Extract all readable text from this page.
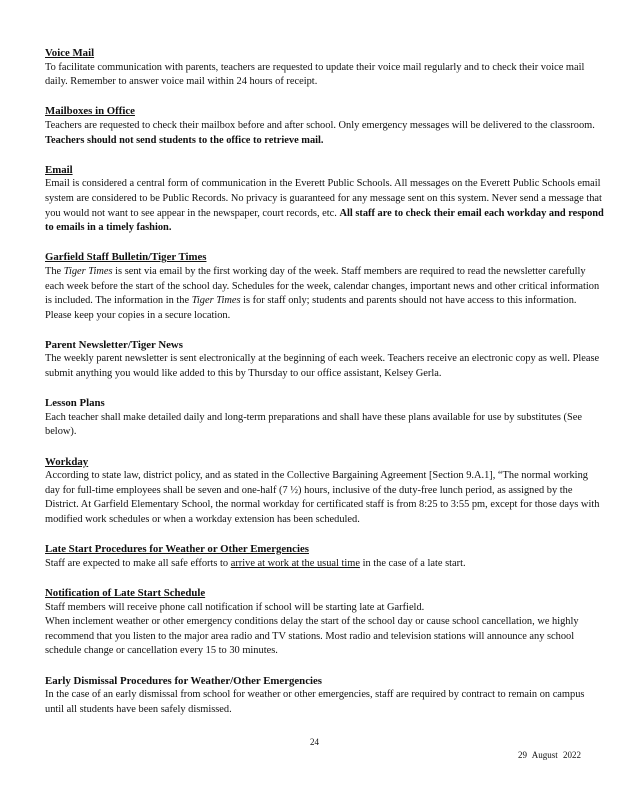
Voice Mail
To facilitate communication with parents, teachers are requested to update their voice mail regularly and to check their voice mail daily. Remember to answer voice mail within 24 hours of receipt.
Mailboxes in Office
Teachers are requested to check their mailbox before and after school. Only emergency messages will be delivered to the classroom. Teachers should not send students to the office to retrieve mail.
Email
Email is considered a central form of communication in the Everett Public Schools. All messages on the Everett Public Schools email system are considered to be Public Records. No privacy is guaranteed for any message sent on this system. Never send a message that you would not want to see appear in the newspaper, court records, etc. All staff are to check their email each workday and respond to emails in a timely fashion.
Garfield Staff Bulletin/Tiger Times
The Tiger Times is sent via email by the first working day of the week. Staff members are required to read the newsletter carefully each week before the start of the school day. Schedules for the week, calendar changes, important news and other critical information is included. The information in the Tiger Times is for staff only; students and parents should not have access to this information. Please keep your copies in a secure location.
Parent Newsletter/Tiger News
The weekly parent newsletter is sent electronically at the beginning of each week. Teachers receive an electronic copy as well. Please submit anything you would like added to this by Thursday to our office assistant, Kelsey Gerla.
Lesson Plans
Each teacher shall make detailed daily and long-term preparations and shall have these plans available for use by substitutes (See below).
Workday
According to state law, district policy, and as stated in the Collective Bargaining Agreement [Section 9.A.1], “The normal working day for full-time employees shall be seven and one-half (7 ½) hours, inclusive of the duty-free lunch period, as assigned by the District. At Garfield Elementary School, the normal workday for certificated staff is from 8:25 to 3:55 pm, except for those days with modified work schedules or when a workday extension has been scheduled.
Late Start Procedures for Weather or Other Emergencies
Staff are expected to make all safe efforts to arrive at work at the usual time in the case of a late start.
Notification of Late Start Schedule
Staff members will receive phone call notification if school will be starting late at Garfield.
When inclement weather or other emergency conditions delay the start of the school day or cause school cancellation, we highly recommend that you listen to the major area radio and TV stations. Most radio and television stations will announce any school schedule change or cancellation every 15 to 30 minutes.
Early Dismissal Procedures for Weather/Other Emergencies
In the case of an early dismissal from school for weather or other emergencies, staff are required by contract to remain on campus until all students have been safely dismissed.
24
29 August 2022
